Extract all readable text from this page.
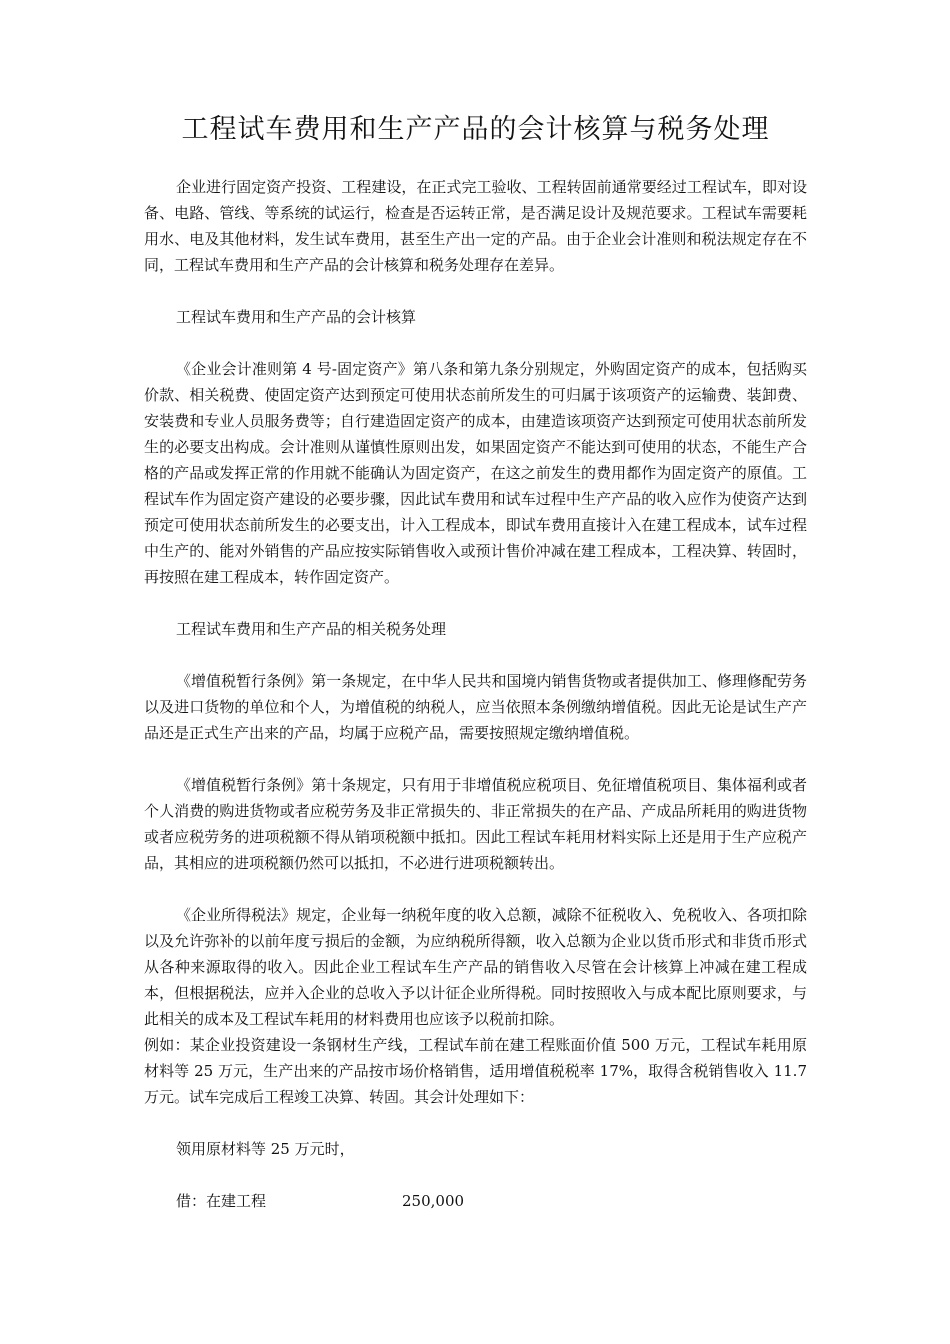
工程试车费用和生产产品的会计核算与税务处理

企业进行固定资产投资、工程建设，在正式完工验收、工程转固前通常要经过工程试车，即对设备、电路、管线、等系统的试运行，检查是否运转正常，是否满足设计及规范要求。工程试车需要耗用水、电及其他材料，发生试车费用，甚至生产出一定的产品。由于企业会计准则和税法规定存在不同，工程试车费用和生产产品的会计核算和税务处理存在差异。

工程试车费用和生产产品的会计核算

《企业会计准则第 4 号-固定资产》第八条和第九条分别规定，外购固定资产的成本，包括购买价款、相关税费、使固定资产达到预定可使用状态前所发生的可归属于该项资产的运输费、装卸费、安装费和专业人员服务费等；自行建造固定资产的成本，由建造该项资产达到预定可使用状态前所发生的必要支出构成。会计准则从谨慎性原则出发，如果固定资产不能达到可使用的状态，不能生产合格的产品或发挥正常的作用就不能确认为固定资产，在这之前发生的费用都作为固定资产的原值。工程试车作为固定资产建设的必要步骤，因此试车费用和试车过程中生产产品的收入应作为使资产达到预定可使用状态前所发生的必要支出，计入工程成本，即试车费用直接计入在建工程成本，试车过程中生产的、能对外销售的产品应按实际销售收入或预计售价冲减在建工程成本，工程决算、转固时，再按照在建工程成本，转作固定资产。

工程试车费用和生产产品的相关税务处理

《增值税暂行条例》第一条规定，在中华人民共和国境内销售货物或者提供加工、修理修配劳务以及进口货物的单位和个人，为增值税的纳税人，应当依照本条例缴纳增值税。因此无论是试生产产品还是正式生产出来的产品，均属于应税产品，需要按照规定缴纳增值税。

《增值税暂行条例》第十条规定，只有用于非增值税应税项目、免征增值税项目、集体福利或者个人消费的购进货物或者应税劳务及非正常损失的、非正常损失的在产品、产成品所耗用的购进货物或者应税劳务的进项税额不得从销项税额中抵扣。因此工程试车耗用材料实际上还是用于生产应税产品，其相应的进项税额仍然可以抵扣，不必进行进项税额转出。

《企业所得税法》规定，企业每一纳税年度的收入总额，减除不征税收入、免税收入、各项扣除以及允许弥补的以前年度亏损后的金额，为应纳税所得额，收入总额为企业以货币形式和非货币形式从各种来源取得的收入。因此企业工程试车生产产品的销售收入尽管在会计核算上冲减在建工程成本，但根据税法，应并入企业的总收入予以计征企业所得税。同时按照收入与成本配比原则要求，与此相关的成本及工程试车耗用的材料费用也应该予以税前扣除。

例如：某企业投资建设一条钢材生产线，工程试车前在建工程账面价值 500 万元，工程试车耗用原材料等 25 万元，生产出来的产品按市场价格销售，适用增值税税率 17%，取得含税销售收入 11.7 万元。试车完成后工程竣工决算、转固。其会计处理如下：

领用原材料等 25 万元时，

借：在建工程	250,000
